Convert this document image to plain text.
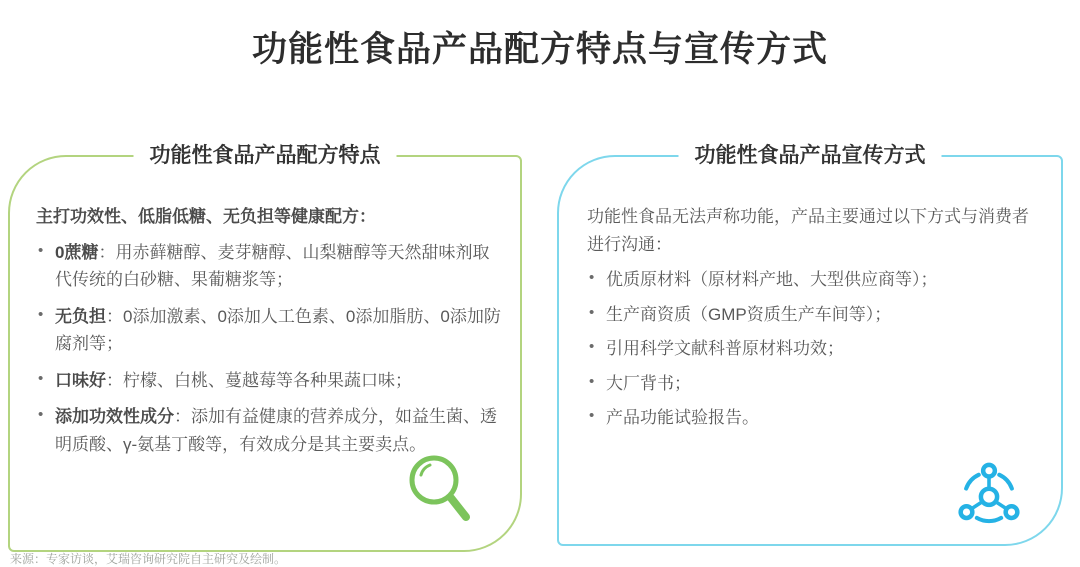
功能性食品产品配方特点与宣传方式
功能性食品产品配方特点

主打功效性、低脂低糖、无负担等健康配方：

• 0蔗糖：用赤藓糖醇、麦芽糖醇、山梨糖醇等天然甜味剂取代传统的白砂糖、果葡糖浆等；
• 无负担：0添加激素、0添加人工色素、0添加脂肪、0添加防腐剂等；
• 口味好：柠檬、白桃、蔓越莓等各种果蔬口味；
• 添加功效性成分：添加有益健康的营养成分，如益生菌、透明质酸、γ-氨基丁酸等，有效成分是其主要卖点。
功能性食品产品宣传方式

功能性食品无法声称功能，产品主要通过以下方式与消费者进行沟通：

• 优质原材料（原材料产地、大型供应商等）；
• 生产商资质（GMP资质生产车间等）；
• 引用科学文献科普原材料功效；
• 大厂背书；
• 产品功能试验报告。
来源：专家访谈，艾瑞咨询研究院自主研究及绘制。
